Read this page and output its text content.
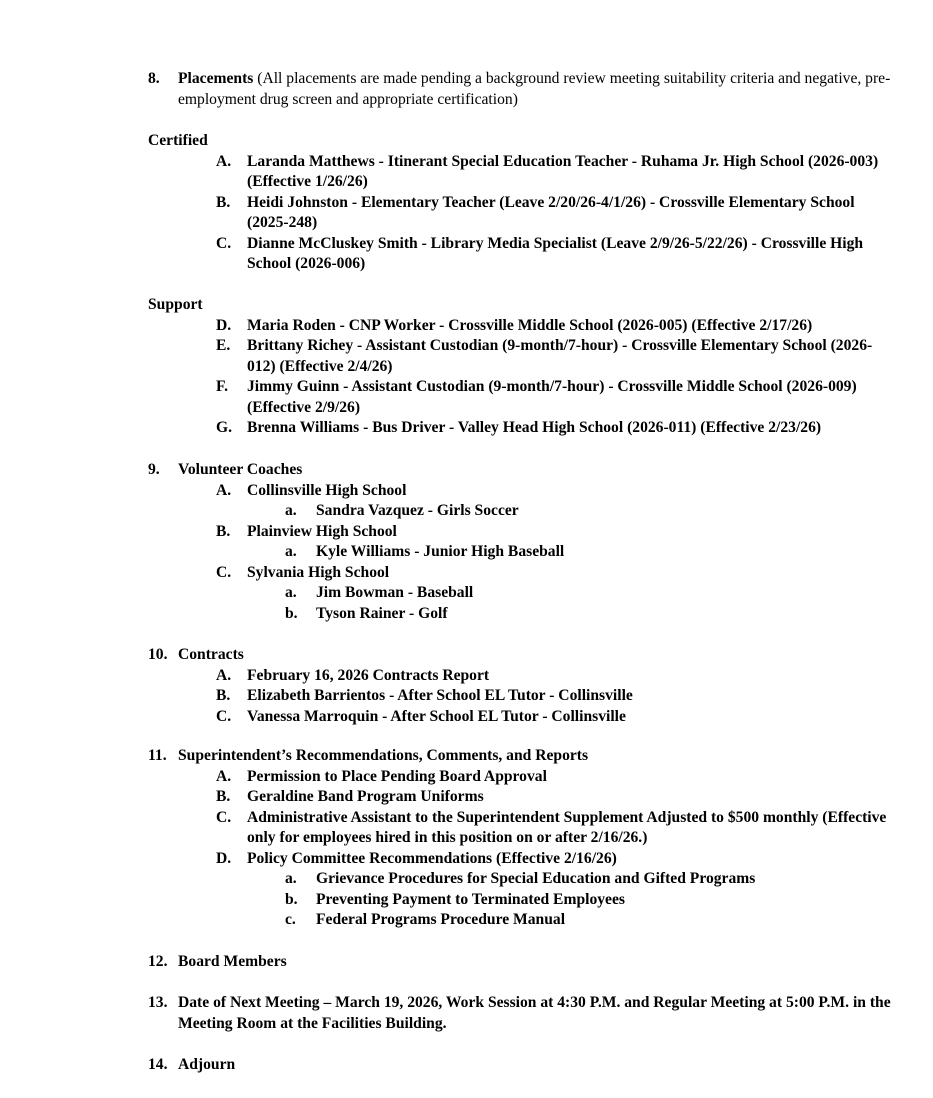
8. Placements (All placements are made pending a background review meeting suitability criteria and negative, pre-employment drug screen and appropriate certification)
Certified
A. Laranda Matthews - Itinerant Special Education Teacher - Ruhama Jr. High School (2026-003) (Effective 1/26/26)
B. Heidi Johnston - Elementary Teacher (Leave 2/20/26-4/1/26) - Crossville Elementary School (2025-248)
C. Dianne McCluskey Smith - Library Media Specialist (Leave 2/9/26-5/22/26) - Crossville High School (2026-006)
Support
D. Maria Roden - CNP Worker - Crossville Middle School (2026-005) (Effective 2/17/26)
E. Brittany Richey - Assistant Custodian (9-month/7-hour) - Crossville Elementary School (2026-012) (Effective 2/4/26)
F. Jimmy Guinn - Assistant Custodian (9-month/7-hour) - Crossville Middle School (2026-009) (Effective 2/9/26)
G. Brenna Williams - Bus Driver - Valley Head High School (2026-011) (Effective 2/23/26)
9. Volunteer Coaches
A. Collinsville High School
a. Sandra Vazquez - Girls Soccer
B. Plainview High School
a. Kyle Williams - Junior High Baseball
C. Sylvania High School
a. Jim Bowman - Baseball
b. Tyson Rainer - Golf
10. Contracts
A. February 16, 2026 Contracts Report
B. Elizabeth Barrientos - After School EL Tutor - Collinsville
C. Vanessa Marroquin - After School EL Tutor - Collinsville
11. Superintendent’s Recommendations, Comments, and Reports
A. Permission to Place Pending Board Approval
B. Geraldine Band Program Uniforms
C. Administrative Assistant to the Superintendent Supplement Adjusted to $500 monthly (Effective only for employees hired in this position on or after 2/16/26.)
D. Policy Committee Recommendations (Effective 2/16/26)
a. Grievance Procedures for Special Education and Gifted Programs
b. Preventing Payment to Terminated Employees
c. Federal Programs Procedure Manual
12. Board Members
13. Date of Next Meeting – March 19, 2026, Work Session at 4:30 P.M. and Regular Meeting at 5:00 P.M. in the Meeting Room at the Facilities Building.
14. Adjourn
